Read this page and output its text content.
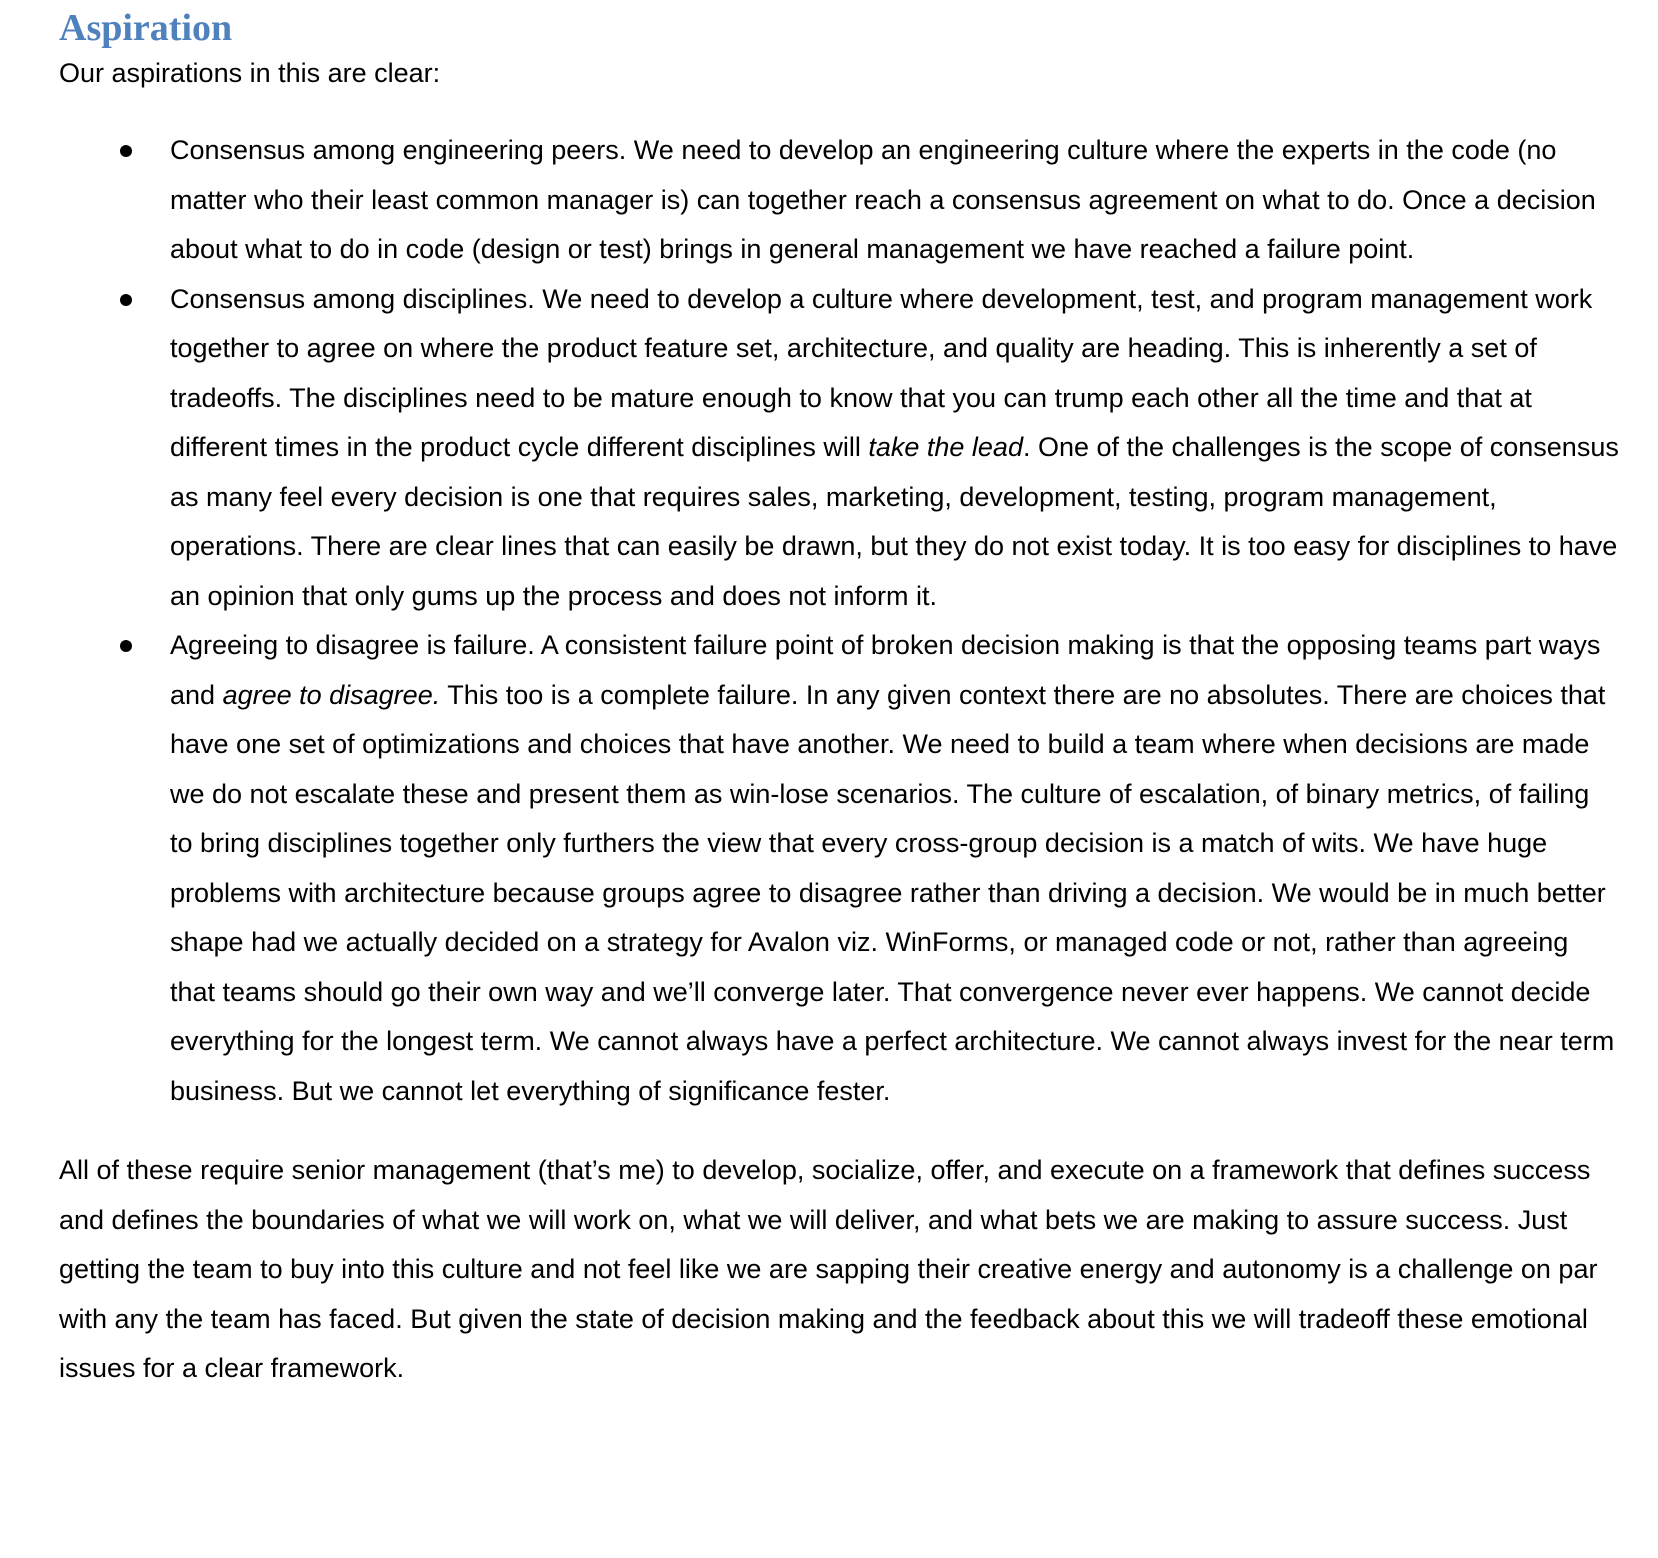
Aspiration

Our aspirations in this are clear:

Consensus among engineering peers. We need to develop an engineering culture where the experts in the code (no matter who their least common manager is) can together reach a consensus agreement on what to do. Once a decision about what to do in code (design or test) brings in general management we have reached a failure point.
Consensus among disciplines. We need to develop a culture where development, test, and program management work together to agree on where the product feature set, architecture, and quality are heading. This is inherently a set of tradeoffs. The disciplines need to be mature enough to know that you can trump each other all the time and that at different times in the product cycle different disciplines will take the lead. One of the challenges is the scope of consensus as many feel every decision is one that requires sales, marketing, development, testing, program management, operations. There are clear lines that can easily be drawn, but they do not exist today. It is too easy for disciplines to have an opinion that only gums up the process and does not inform it.
Agreeing to disagree is failure. A consistent failure point of broken decision making is that the opposing teams part ways and agree to disagree. This too is a complete failure. In any given context there are no absolutes. There are choices that have one set of optimizations and choices that have another. We need to build a team where when decisions are made we do not escalate these and present them as win-lose scenarios. The culture of escalation, of binary metrics, of failing to bring disciplines together only furthers the view that every cross-group decision is a match of wits. We have huge problems with architecture because groups agree to disagree rather than driving a decision. We would be in much better shape had we actually decided on a strategy for Avalon viz. WinForms, or managed code or not, rather than agreeing that teams should go their own way and we’ll converge later. That convergence never ever happens. We cannot decide everything for the longest term. We cannot always have a perfect architecture. We cannot always invest for the near term business. But we cannot let everything of significance fester.

All of these require senior management (that’s me) to develop, socialize, offer, and execute on a framework that defines success and defines the boundaries of what we will work on, what we will deliver, and what bets we are making to assure success. Just getting the team to buy into this culture and not feel like we are sapping their creative energy and autonomy is a challenge on par with any the team has faced. But given the state of decision making and the feedback about this we will tradeoff these emotional issues for a clear framework.
